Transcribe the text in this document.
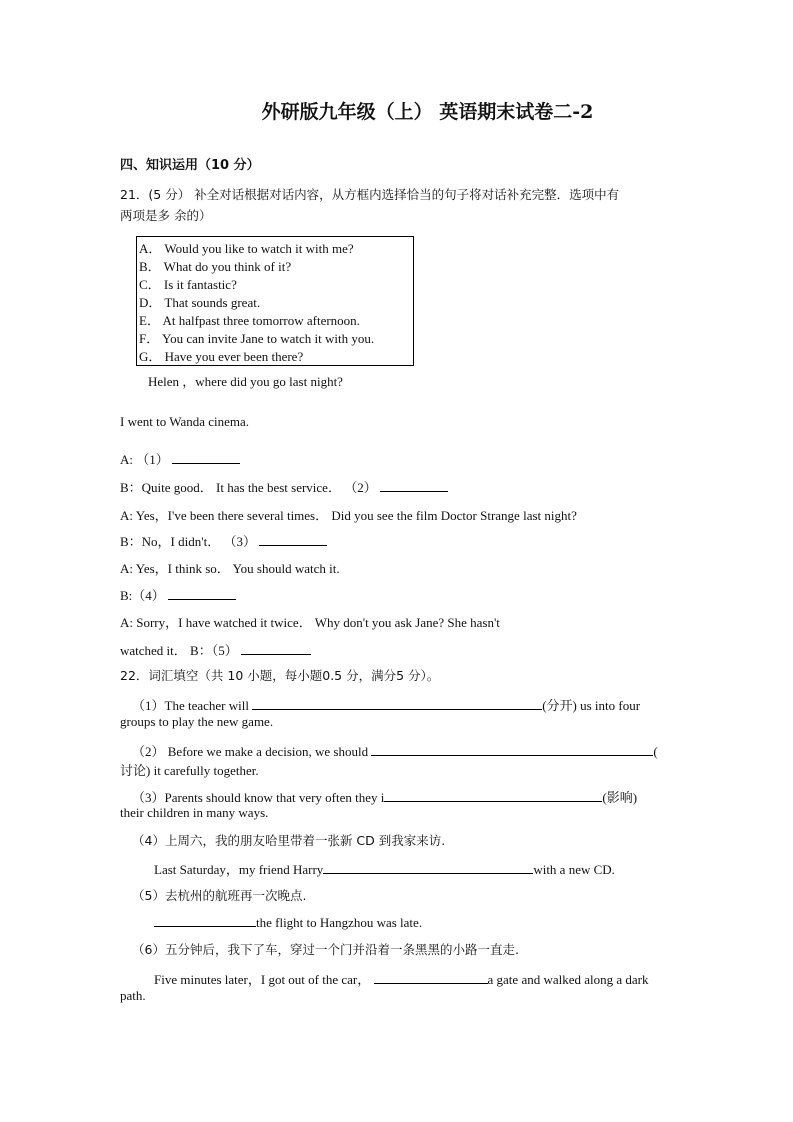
外研版九年级（上） 英语期末试卷二-2
四、知识运用（10 分）
21．(5 分） 补全对话根据对话内容，从方框内选择恰当的句子将对话补充完整．选项中有
两项是多 余的）
A． Would you like to watch it with me?
B． What do you think of it?
C． Is it fantastic?
D． That sounds great.
E． At halfpast three tomorrow afternoon.
F． You can invite Jane to watch it with you.
G． Have you ever been there?
Helen ，where did you go last night?
I went to Wanda cinema.
A: （1）
B：Quite good． It has the best service． （2）
A: Yes，I've been there several times． Did you see the film Doctor Strange last night?
B：No，I didn't． （3）
A: Yes，I think so． You should watch it.
B:（4）
A: Sorry，I have watched it twice． Why don't you ask Jane? She hasn't
watched it． B：（5）
22．词汇填空（共 10 小题，每小题0.5 分，满分5 分）。
（1）The teacher will	(分开) us into four
groups to play the new game.
（2） Before we make a decision, we should	(
讨论) it carefully together.
（3）Parents should know that very often they i	(影响)
their children in many ways.
（4）上周六，我的朋友哈里带着一张新 CD 到我家来访.
Last Saturday，my friend Harry	with a new CD.
（5）去杭州的航班再一次晚点.
the flight to Hangzhou was late.
（6）五分钟后，我下了车，穿过一个门并沿着一条黑黑的小路一直走.
Five minutes later，I got out of the car，	a gate and walked along a dark
path.
